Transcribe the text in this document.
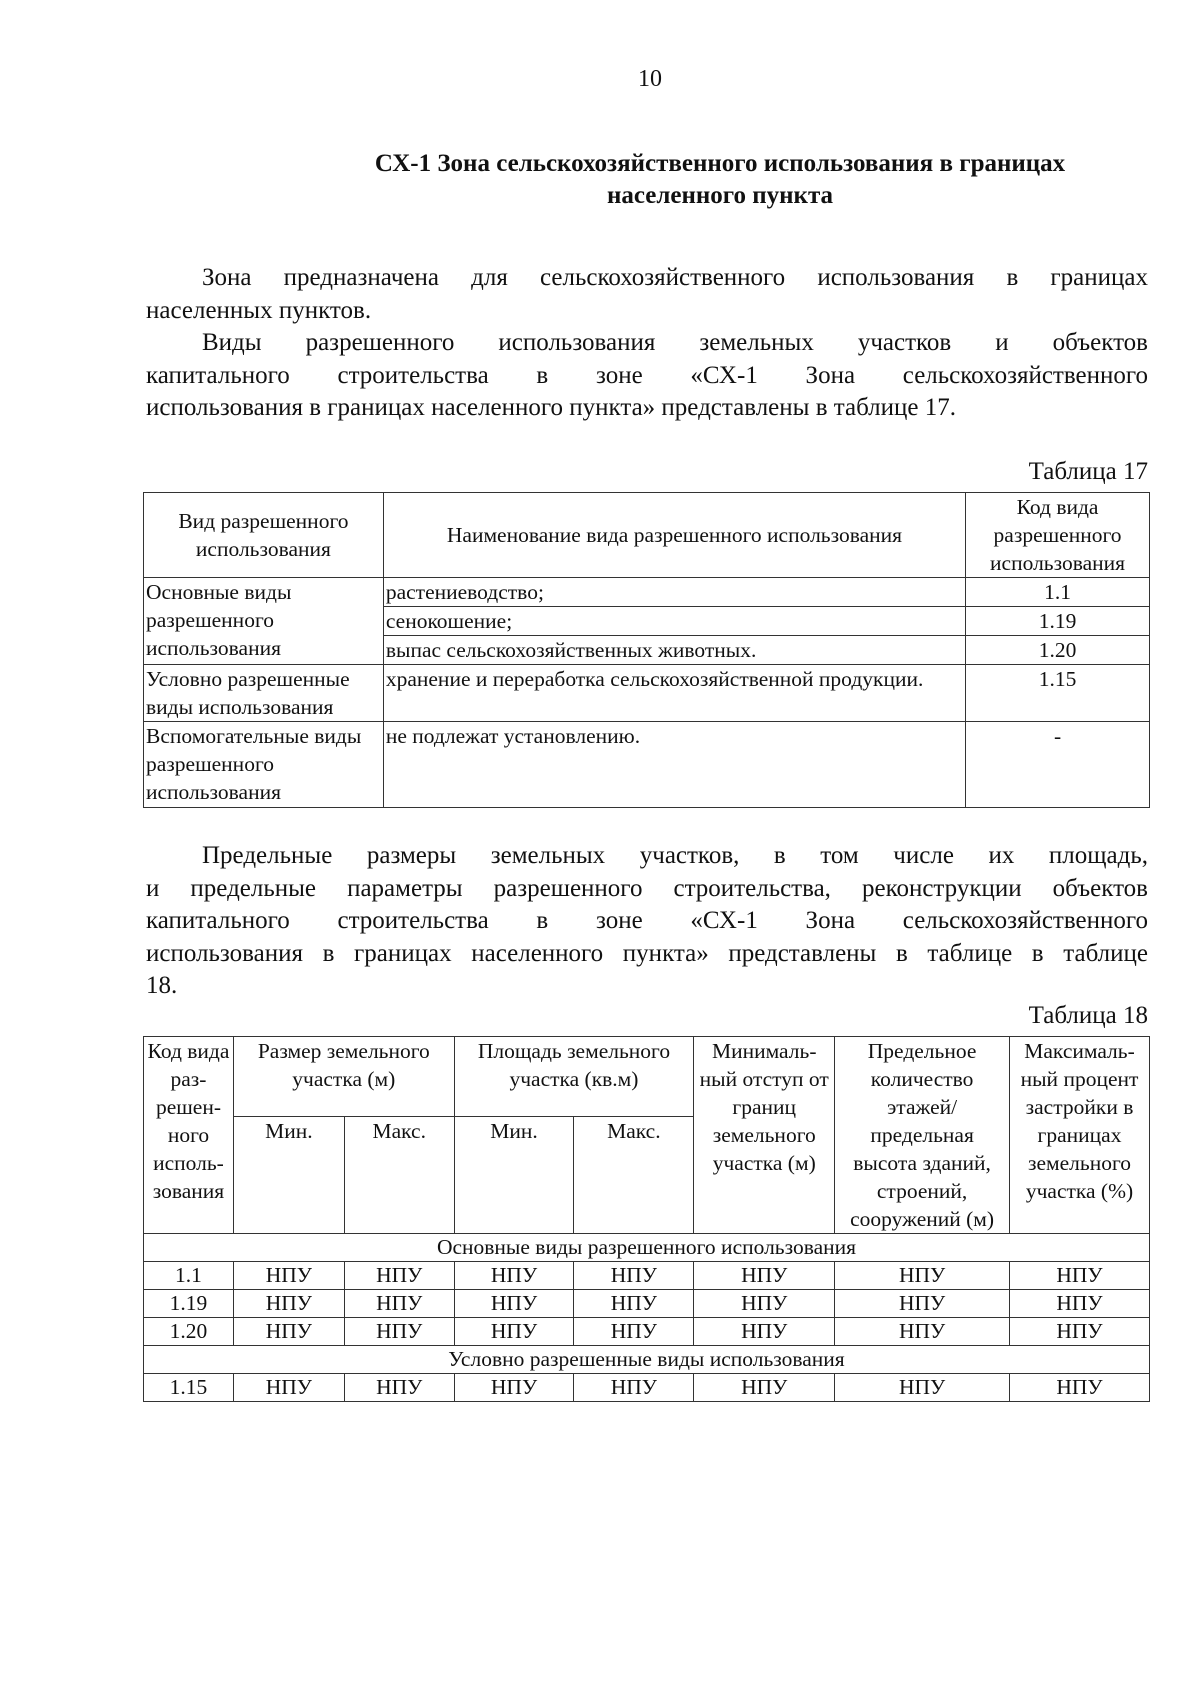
10
СХ-1 Зона сельскохозяйственного использования в границах
населенного пункта
Зона предназначена для сельскохозяйственного использования в границах
населенных пунктов.
Виды разрешенного использования земельных участков и объектов
капитального строительства в зоне «СХ-1 Зона сельскохозяйственного
использования в границах населенного пункта» представлены в таблице 17.
Таблица 17
Вид разрешенного использования	Наименование вида разрешенного использования	Код вида разрешенного использования
Основные виды разрешенного использования	растениеводство;	1.1
	сенокошение;	1.19
	выпас сельскохозяйственных животных.	1.20
Условно разрешенные виды использования	хранение и переработка сельскохозяйственной продукции.	1.15
Вспомогательные виды разрешенного использования	не подлежат установлению.	-
Предельные размеры земельных участков, в том числе их площадь,
и предельные параметры разрешенного строительства, реконструкции объектов
капитального строительства в зоне «СХ-1 Зона сельскохозяйственного
использования в границах населенного пункта» представлены в таблице в таблице
18.
Таблица 18
Код вида раз-решен-ного исполь-зования	Размер земельного участка (м)		Площадь земельного участка (кв.м)		Минималь-ный отступ от границ земельного участка (м)	Предельное количество этажей/ предельная высота зданий, строений, сооружений (м)	Максималь-ный процент застройки в границах земельного участка (%)
	Мин.	Макс.	Мин.	Макс.			
Основные виды разрешенного использования							
1.1	НПУ	НПУ	НПУ	НПУ	НПУ	НПУ	НПУ
1.19	НПУ	НПУ	НПУ	НПУ	НПУ	НПУ	НПУ
1.20	НПУ	НПУ	НПУ	НПУ	НПУ	НПУ	НПУ
Условно разрешенные виды использования							
1.15	НПУ	НПУ	НПУ	НПУ	НПУ	НПУ	НПУ
